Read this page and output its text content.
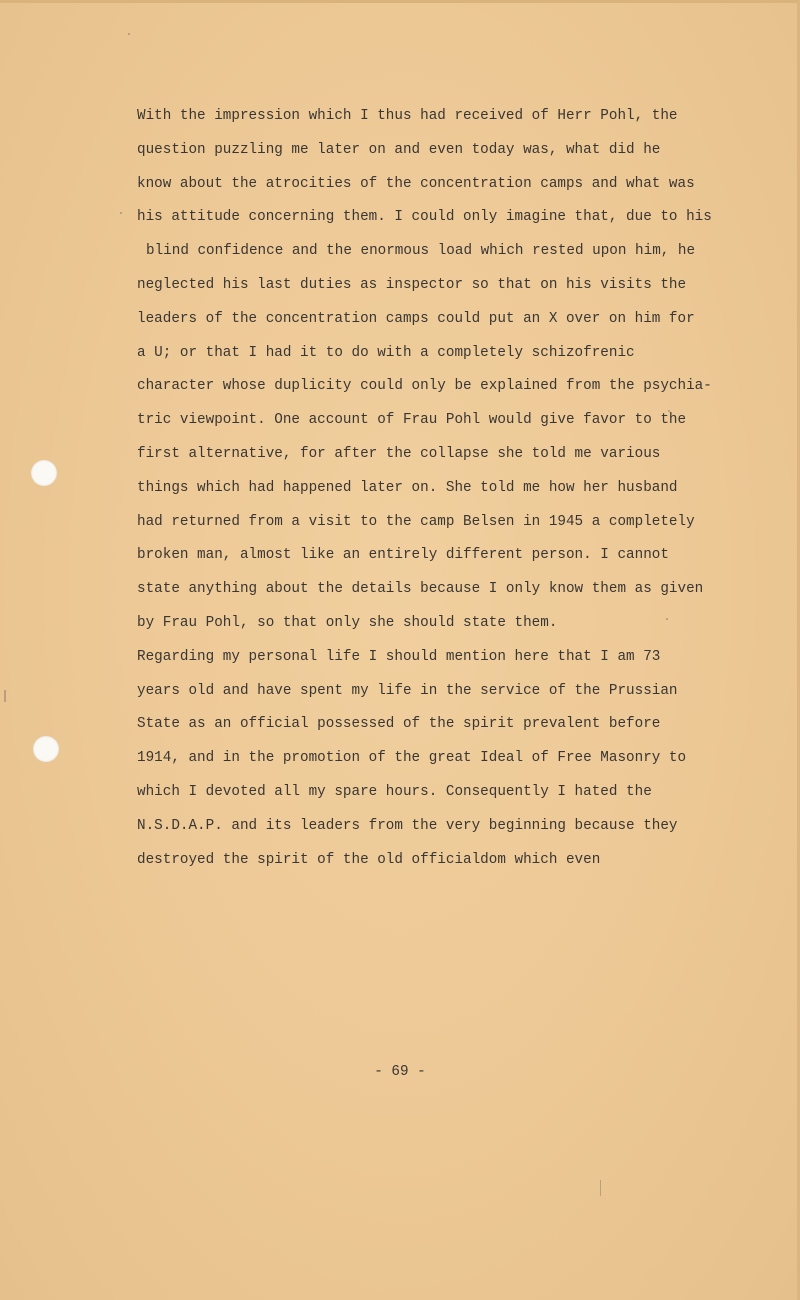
With the impression which I thus had received of Herr Pohl, the
question puzzling me later on and even today was, what did he
know about the atrocities of the concentration camps and what was
his attitude concerning them. I could only imagine that, due to his
blind confidence and the enormous load which rested upon him, he
neglected his last duties as inspector so that on his visits the
leaders of the concentration camps could put an X over on him for
a U; or that I had it to do with a completely schizofrenic
character whose duplicity could only be explained from the psychia-
tric viewpoint. One account of Frau Pohl would give favor to the
first alternative, for after the collapse she told me various
things which had happened later on. She told me how her husband
had returned from a visit to the camp Belsen in 1945 a completely
broken man, almost like an entirely different person. I cannot
state anything about the details because I only know them as given
by Frau Pohl, so that only she should state them.
Regarding my personal life I should mention here that I am 73
years old and have spent my life in the service of the Prussian
State as an official possessed of the spirit prevalent before
1914, and in the promotion of the great Ideal of Free Masonry to
which I devoted all my spare hours. Consequently I hated the
N.S.D.A.P. and its leaders from the very beginning because they
destroyed the spirit of the old officialdom which even
- 69 -
